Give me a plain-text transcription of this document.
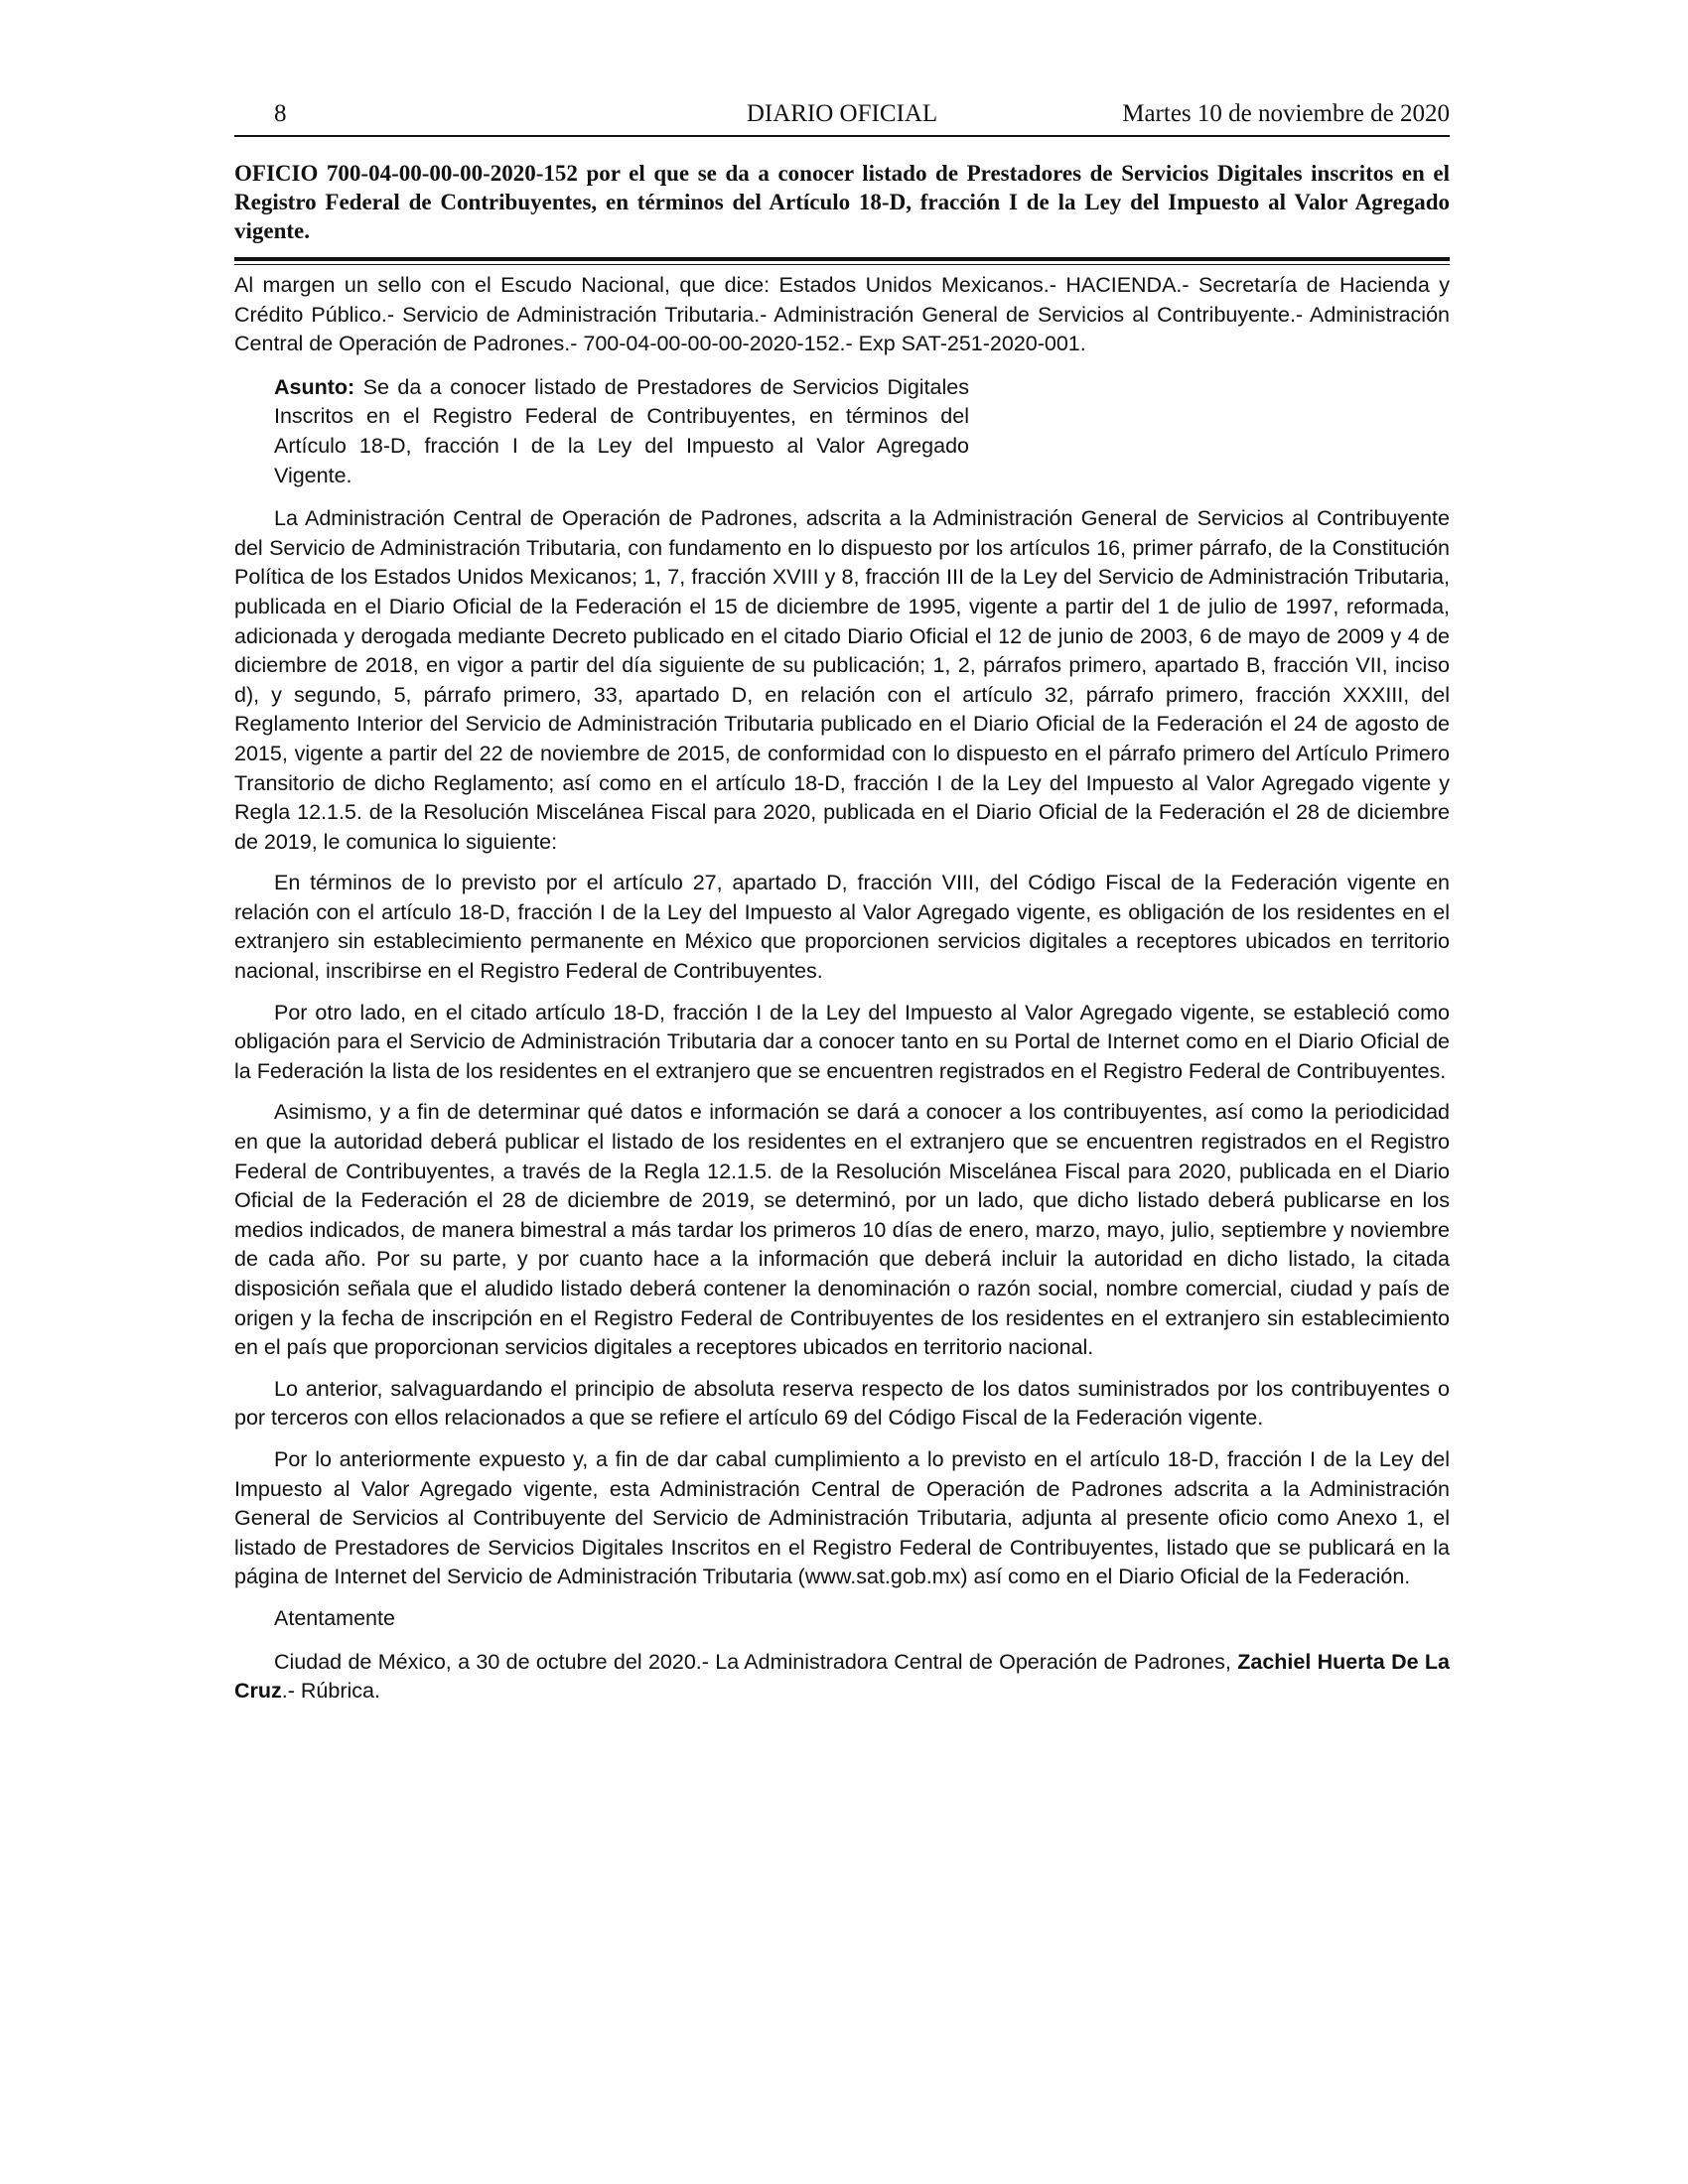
8	DIARIO OFICIAL	Martes 10 de noviembre de 2020
OFICIO 700-04-00-00-00-2020-152 por el que se da a conocer listado de Prestadores de Servicios Digitales inscritos en el Registro Federal de Contribuyentes, en términos del Artículo 18-D, fracción I de la Ley del Impuesto al Valor Agregado vigente.

Al margen un sello con el Escudo Nacional, que dice: Estados Unidos Mexicanos.- HACIENDA.- Secretaría de Hacienda y Crédito Público.- Servicio de Administración Tributaria.- Administración General de Servicios al Contribuyente.- Administración Central de Operación de Padrones.- 700-04-00-00-00-2020-152.- Exp SAT-251-2020-001.

Asunto: Se da a conocer listado de Prestadores de Servicios Digitales Inscritos en el Registro Federal de Contribuyentes, en términos del Artículo 18-D, fracción I de la Ley del Impuesto al Valor Agregado Vigente.

La Administración Central de Operación de Padrones, adscrita a la Administración General de Servicios al Contribuyente del Servicio de Administración Tributaria, con fundamento en lo dispuesto por los artículos 16, primer párrafo, de la Constitución Política de los Estados Unidos Mexicanos; 1, 7, fracción XVIII y 8, fracción III de la Ley del Servicio de Administración Tributaria, publicada en el Diario Oficial de la Federación el 15 de diciembre de 1995, vigente a partir del 1 de julio de 1997, reformada, adicionada y derogada mediante Decreto publicado en el citado Diario Oficial el 12 de junio de 2003, 6 de mayo de 2009 y 4 de diciembre de 2018, en vigor a partir del día siguiente de su publicación; 1, 2, párrafos primero, apartado B, fracción VII, inciso d), y segundo, 5, párrafo primero, 33, apartado D, en relación con el artículo 32, párrafo primero, fracción XXXIII, del Reglamento Interior del Servicio de Administración Tributaria publicado en el Diario Oficial de la Federación el 24 de agosto de 2015, vigente a partir del 22 de noviembre de 2015, de conformidad con lo dispuesto en el párrafo primero del Artículo Primero Transitorio de dicho Reglamento; así como en el artículo 18-D, fracción I de la Ley del Impuesto al Valor Agregado vigente y Regla 12.1.5. de la Resolución Miscelánea Fiscal para 2020, publicada en el Diario Oficial de la Federación el 28 de diciembre de 2019, le comunica lo siguiente:

En términos de lo previsto por el artículo 27, apartado D, fracción VIII, del Código Fiscal de la Federación vigente en relación con el artículo 18-D, fracción I de la Ley del Impuesto al Valor Agregado vigente, es obligación de los residentes en el extranjero sin establecimiento permanente en México que proporcionen servicios digitales a receptores ubicados en territorio nacional, inscribirse en el Registro Federal de Contribuyentes.

Por otro lado, en el citado artículo 18-D, fracción I de la Ley del Impuesto al Valor Agregado vigente, se estableció como obligación para el Servicio de Administración Tributaria dar a conocer tanto en su Portal de Internet como en el Diario Oficial de la Federación la lista de los residentes en el extranjero que se encuentren registrados en el Registro Federal de Contribuyentes.

Asimismo, y a fin de determinar qué datos e información se dará a conocer a los contribuyentes, así como la periodicidad en que la autoridad deberá publicar el listado de los residentes en el extranjero que se encuentren registrados en el Registro Federal de Contribuyentes, a través de la Regla 12.1.5. de la Resolución Miscelánea Fiscal para 2020, publicada en el Diario Oficial de la Federación el 28 de diciembre de 2019, se determinó, por un lado, que dicho listado deberá publicarse en los medios indicados, de manera bimestral a más tardar los primeros 10 días de enero, marzo, mayo, julio, septiembre y noviembre de cada año. Por su parte, y por cuanto hace a la información que deberá incluir la autoridad en dicho listado, la citada disposición señala que el aludido listado deberá contener la denominación o razón social, nombre comercial, ciudad y país de origen y la fecha de inscripción en el Registro Federal de Contribuyentes de los residentes en el extranjero sin establecimiento en el país que proporcionan servicios digitales a receptores ubicados en territorio nacional.

Lo anterior, salvaguardando el principio de absoluta reserva respecto de los datos suministrados por los contribuyentes o por terceros con ellos relacionados a que se refiere el artículo 69 del Código Fiscal de la Federación vigente.

Por lo anteriormente expuesto y, a fin de dar cabal cumplimiento a lo previsto en el artículo 18-D, fracción I de la Ley del Impuesto al Valor Agregado vigente, esta Administración Central de Operación de Padrones adscrita a la Administración General de Servicios al Contribuyente del Servicio de Administración Tributaria, adjunta al presente oficio como Anexo 1, el listado de Prestadores de Servicios Digitales Inscritos en el Registro Federal de Contribuyentes, listado que se publicará en la página de Internet del Servicio de Administración Tributaria (www.sat.gob.mx) así como en el Diario Oficial de la Federación.

Atentamente

Ciudad de México, a 30 de octubre del 2020.- La Administradora Central de Operación de Padrones, Zachiel Huerta De La Cruz.- Rúbrica.
